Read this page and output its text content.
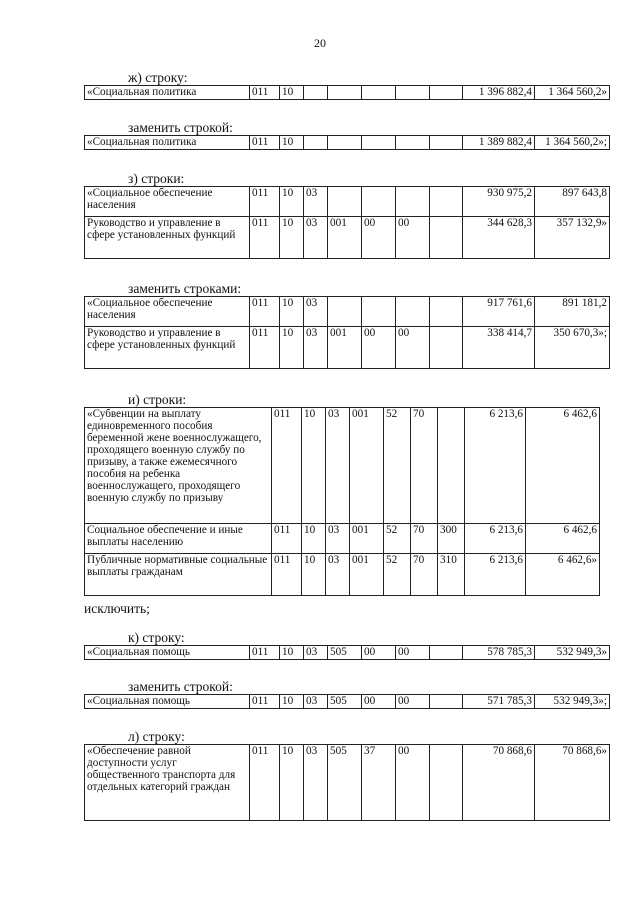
20
ж) строку:
«Социальная политика	011	10						1 396 882,4	1 364 560,2»
заменить строкой:
«Социальная политика	011	10						1 389 882,4	1 364 560,2»;
з) строки:
«Социальное обеспечение населения	011	10	03					930 975,2	897 643,8
Руководство и управление в сфере установленных функций	011	10	03	001	00	00		344 628,3	357 132,9»
заменить строками:
«Социальное обеспечение населения	011	10	03					917 761,6	891 181,2
Руководство и управление в сфере установленных функций	011	10	03	001	00	00		338 414,7	350 670,3»;
и) строки:
«Субвенции на выплату единовременного пособия беременной жене военнослужащего, проходящего военную службу по призыву, а также ежемесячного пособия на ребенка военнослужащего, проходящего военную службу по призыву	011	10	03	001	52	70		6 213,6	6 462,6
Социальное обеспечение и иные выплаты населению	011	10	03	001	52	70	300	6 213,6	6 462,6
Публичные нормативные социальные выплаты гражданам	011	10	03	001	52	70	310	6 213,6	6 462,6»
исключить;
к) строку:
«Социальная помощь	011	10	03	505	00	00		578 785,3	532 949,3»
заменить строкой:
«Социальная помощь	011	10	03	505	00	00		571 785,3	532 949,3»;
л) строку:
«Обеспечение равной доступности услуг общественного транспорта для отдельных категорий граждан	011	10	03	505	37	00		70 868,6	70 868,6»
